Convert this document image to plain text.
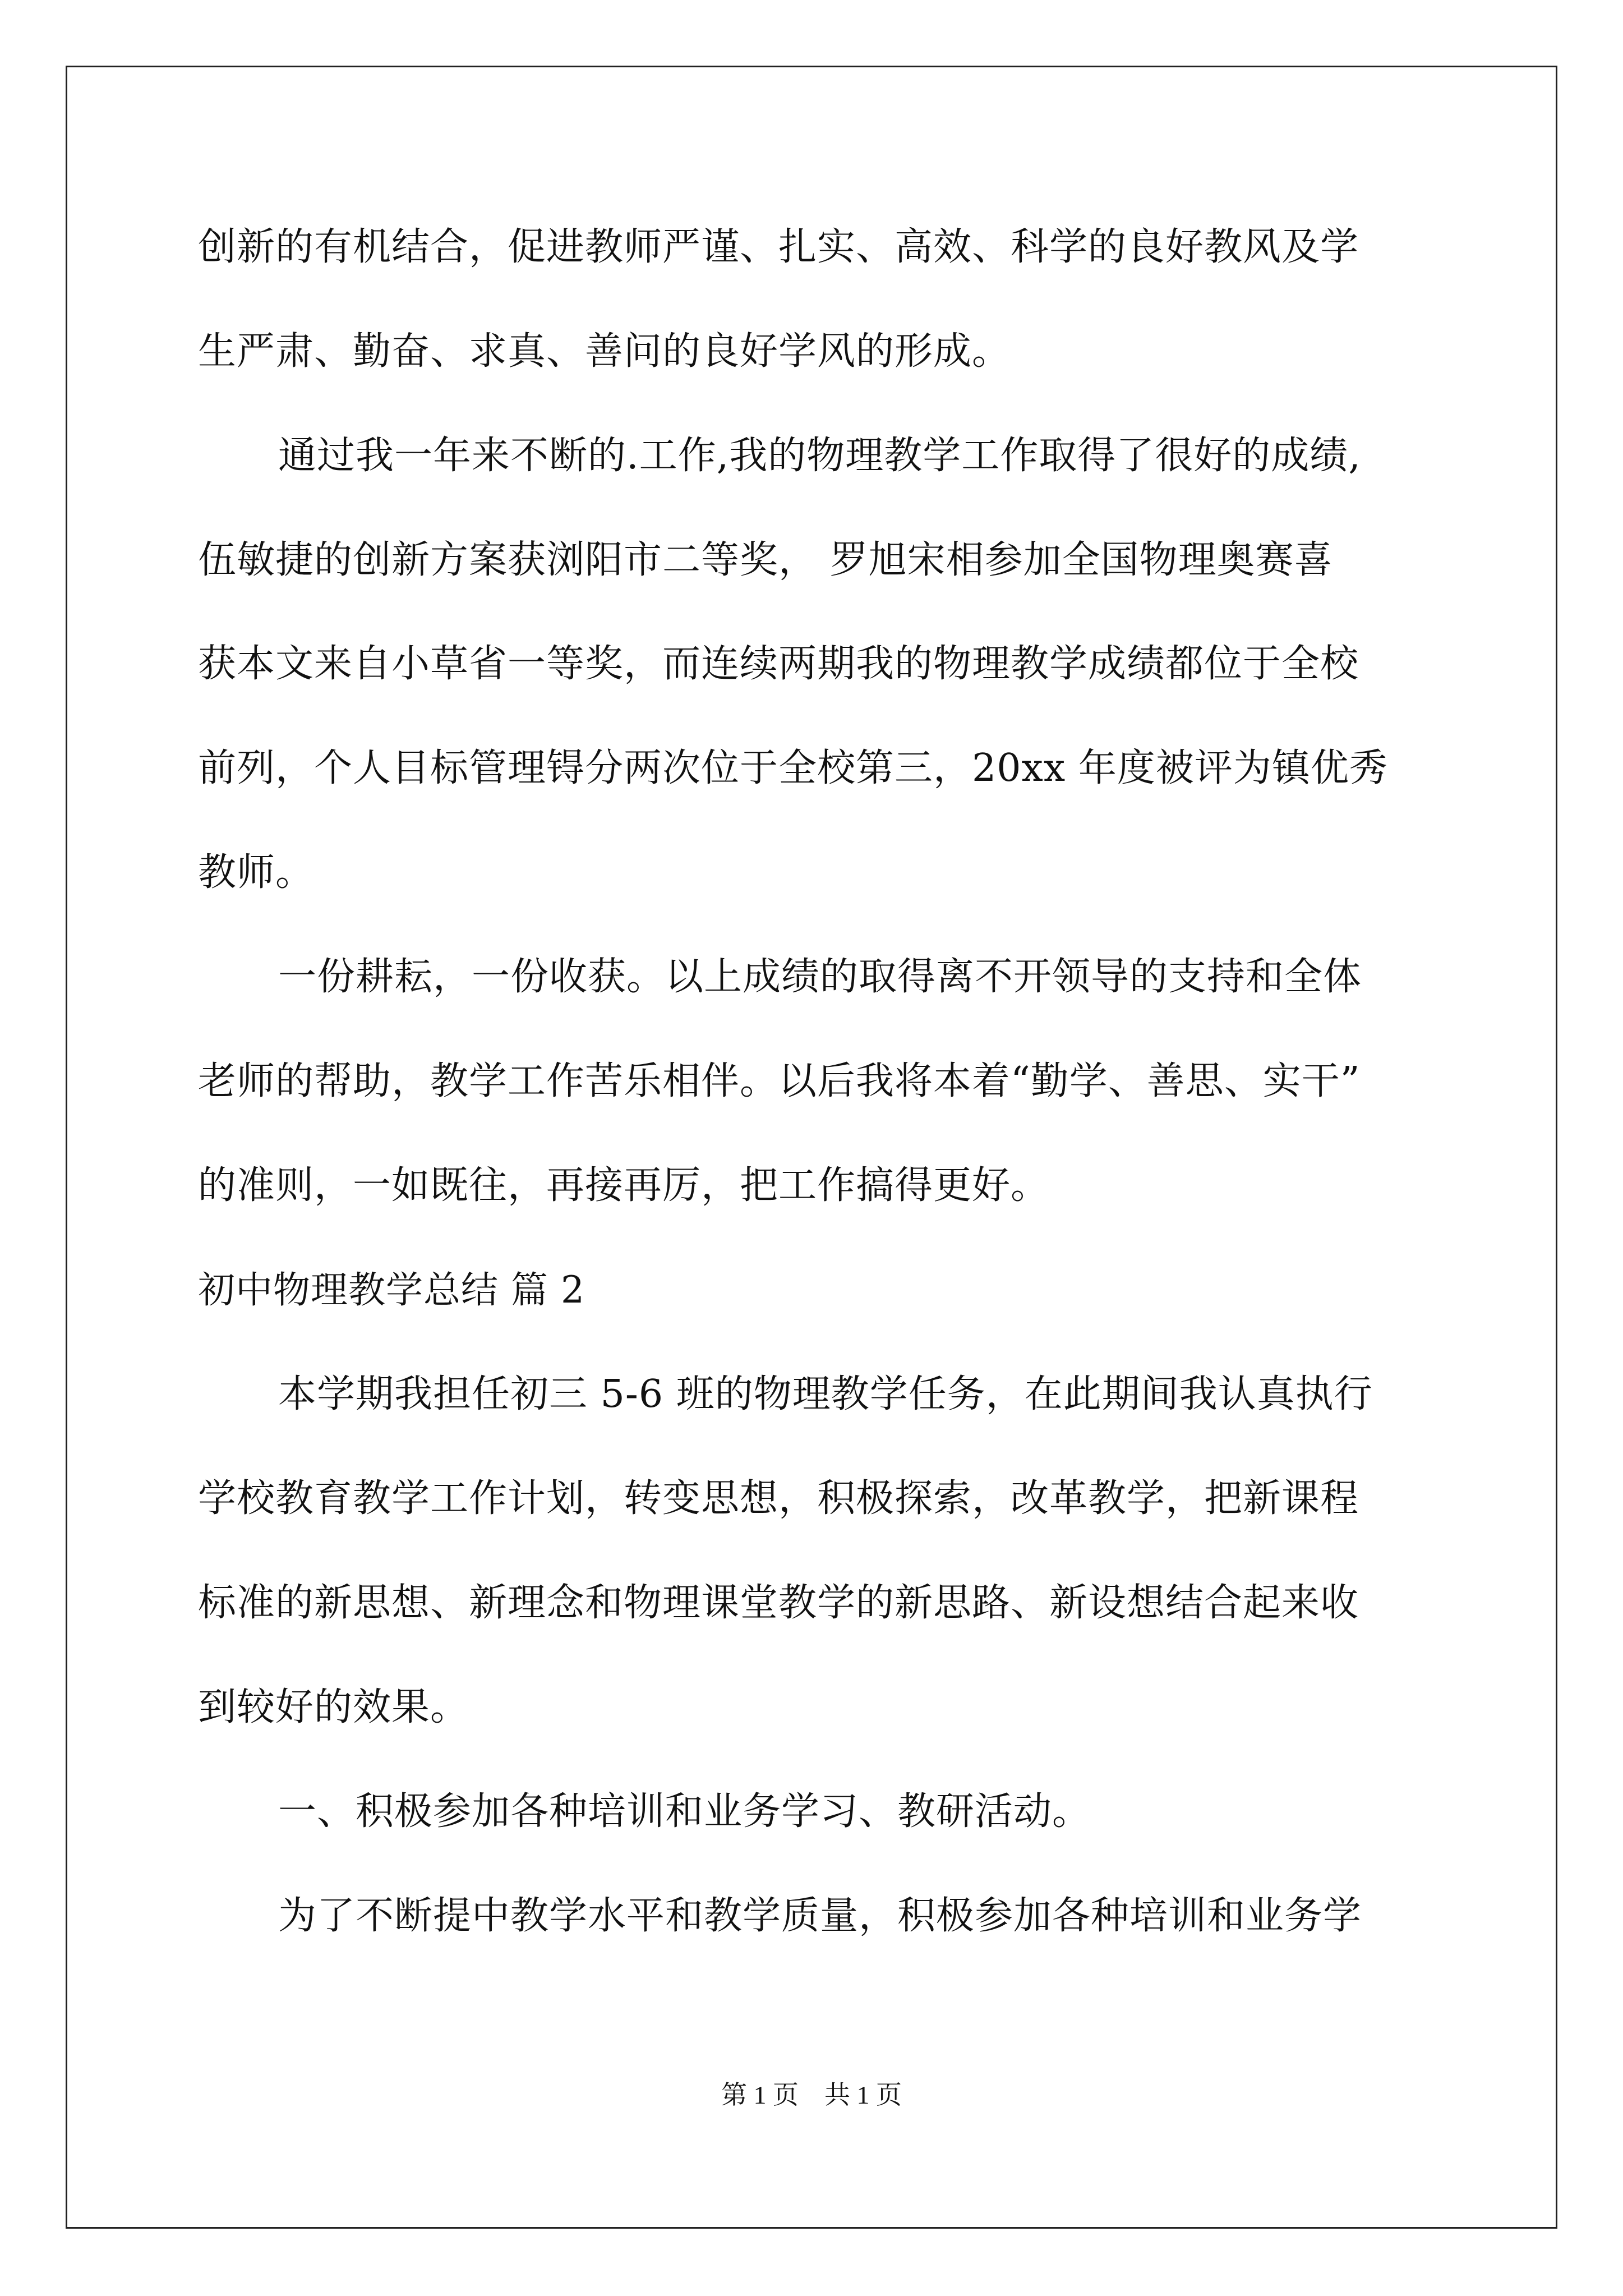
创新的有机结合，促进教师严谨、扎实、高效、科学的良好教风及学

生严肃、勤奋、求真、善问的良好学风的形成。

通过我一年来不断的.工作,我的物理教学工作取得了很好的成绩,

伍敏捷的创新方案获浏阳市二等奖， 罗旭宋相参加全国物理奥赛喜

获本文来自小草省一等奖，而连续两期我的物理教学成绩都位于全校

前列，个人目标管理锝分两次位于全校第三，20xx 年度被评为镇优秀

教师。

一份耕耘，一份收获。以上成绩的取得离不开领导的支持和全体

老师的帮助，教学工作苦乐相伴。以后我将本着“勤学、善思、实干”

的准则，一如既往，再接再厉，把工作搞得更好。

初中物理教学总结 篇 2

本学期我担任初三 5-6 班的物理教学任务，在此期间我认真执行

学校教育教学工作计划，转变思想，积极探索，改革教学，把新课程

标准的新思想、新理念和物理课堂教学的新思路、新设想结合起来收

到较好的效果。

一、积极参加各种培训和业务学习、教研活动。

为了不断提中教学水平和教学质量，积极参加各种培训和业务学

第 1 页    共 1 页
